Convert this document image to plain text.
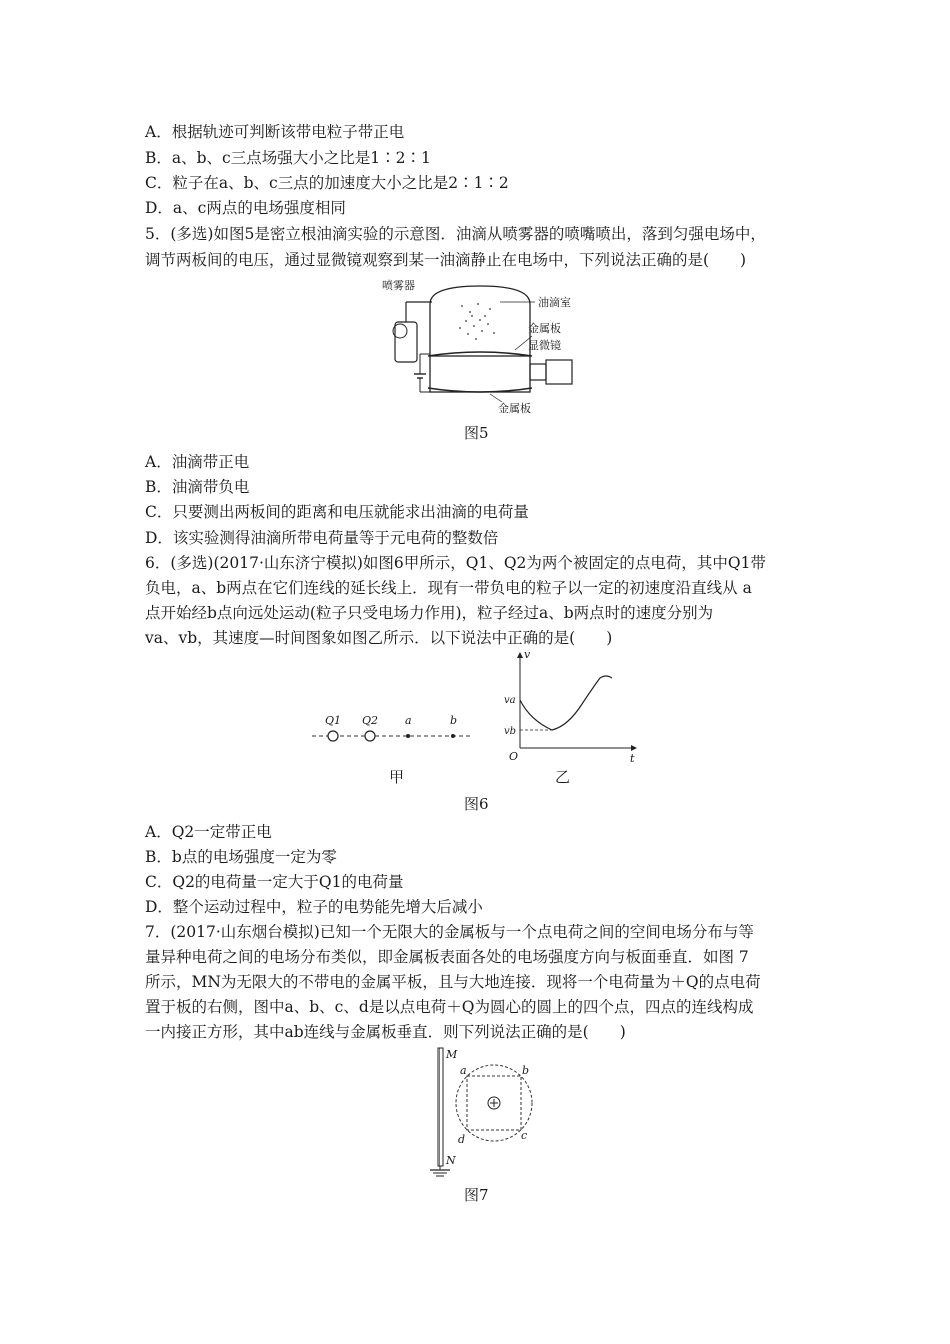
A．根据轨迹可判断该带电粒子带正电
B．a、b、c三点场强大小之比是1∶2∶1
C．粒子在a、b、c三点的加速度大小之比是2∶1∶2
D．a、c两点的电场强度相同
5．(多选)如图5是密立根油滴实验的示意图．油滴从喷雾器的喷嘴喷出，落到匀强电场中，
调节两板间的电压，通过显微镜观察到某一油滴静止在电场中，下列说法正确的是(　　)
喷雾器
油滴室
金属板
显微镜
金属板
图5
A．油滴带正电
B．油滴带负电
C．只要测出两板间的距离和电压就能求出油滴的电荷量
D．该实验测得油滴所带电荷量等于元电荷的整数倍
6．(多选)(2017·山东济宁模拟)如图6甲所示，Q1、Q2为两个被固定的点电荷，其中Q1带
负电，a、b两点在它们连线的延长线上．现有一带负电的粒子以一定的初速度沿直线从 a
点开始经b点向远处运动(粒子只受电场力作用)，粒子经过a、b两点时的速度分别为
va、vb，其速度—时间图象如图乙所示．以下说法中正确的是(　　)
Q1 Q2 a	b
甲
v
t
O
va
vb
乙
图6
A．Q2一定带正电
B．b点的电场强度一定为零
C．Q2的电荷量一定大于Q1的电荷量
D．整个运动过程中，粒子的电势能先增大后减小
7．(2017·山东烟台模拟)已知一个无限大的金属板与一个点电荷之间的空间电场分布与等
量异种电荷之间的电场分布类似，即金属板表面各处的电场强度方向与板面垂直．如图 7
所示，MN为无限大的不带电的金属平板，且与大地连接．现将一个电荷量为＋Q的点电荷
置于板的右侧，图中a、b、c、d是以点电荷＋Q为圆心的圆上的四个点，四点的连线构成
一内接正方形，其中ab连线与金属板垂直．则下列说法正确的是(　　)
M
N
a	b
c
d
图7
